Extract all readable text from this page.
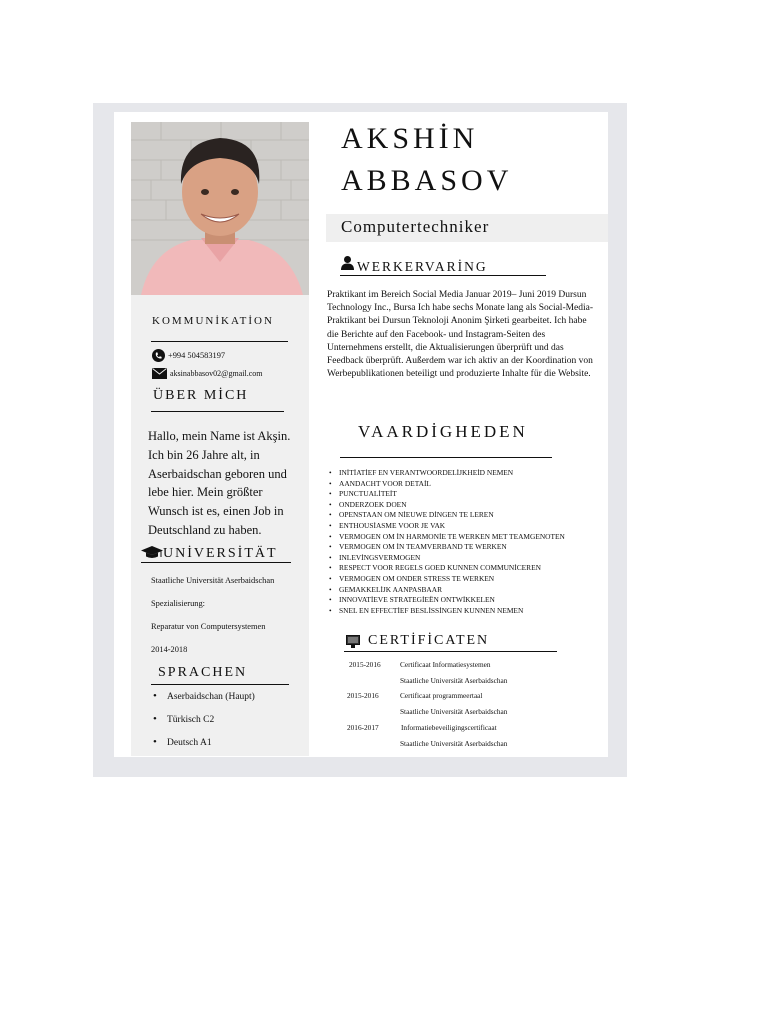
AKSHİN
ABBASOV
Computertechniker
WERKERVARİNG
Praktikant im Bereich Social Media Januar 2019– Juni 2019 Dursun Technology Inc., Bursa Ich habe sechs Monate lang als Social-Media-Praktikant bei Dursun Teknoloji Anonim Şirketi gearbeitet. Ich habe die Berichte auf den Facebook- und Instagram-Seiten des Unternehmens erstellt, die Aktualisierungen überprüft und das Feedback überprüft. Außerdem war ich aktiv an der Koordination von Werbepublikationen beteiligt und produzierte Inhalte für die Website.
VAARDİGHEDEN
• INİTİATİEF EN VERANTWOORDELİJKHEİD NEMEN
• AANDACHT VOOR DETAİL
• PUNCTUALİTEİT
• ONDERZOEK DOEN
• OPENSTAAN OM NİEUWE DİNGEN TE LEREN
• ENTHOUSİASME VOOR JE VAK
• VERMOGEN OM İN HARMONİE TE WERKEN MET TEAMGENOTEN
• VERMOGEN OM İN TEAMVERBAND TE WERKEN
• INLEVİNGSVERMOGEN
• RESPECT VOOR REGELS GOED KUNNEN COMMUNİCEREN
• VERMOGEN OM ONDER STRESS TE WERKEN
• GEMAKKELİJK AANPASBAAR
• INNOVATİEVE STRATEGİEËN ONTWİKKELEN
• SNEL EN EFFECTİEF BESLİSSİNGEN KUNNEN NEMEN
CERTİFİCATEN
2015-2016	Certificaat Informatiesystemen
Staatliche Universität Aserbaidschan
2015-2016	Certificaat programmeertaal
Staatliche Universität Aserbaidschan
2016-2017	Informatiebeveiligingscertificaat
Staatliche Universität Aserbaidschan
KOMMUNİKATİON
+994 504583197
aksinabbasov02@gmail.com
ÜBER MİCH
Hallo, mein Name ist Akşin. Ich bin 26 Jahre alt, in Aserbaidschan geboren und lebe hier. Mein größter Wunsch ist es, einen Job in Deutschland zu haben.
UNİVERSİTÄT
Staatliche Universität Aserbaidschan
Spezialisierung:
Reparatur von Computersystemen
2014-2018
SPRACHEN
• Aserbaidschan (Haupt)
• Türkisch C2
• Deutsch A1
